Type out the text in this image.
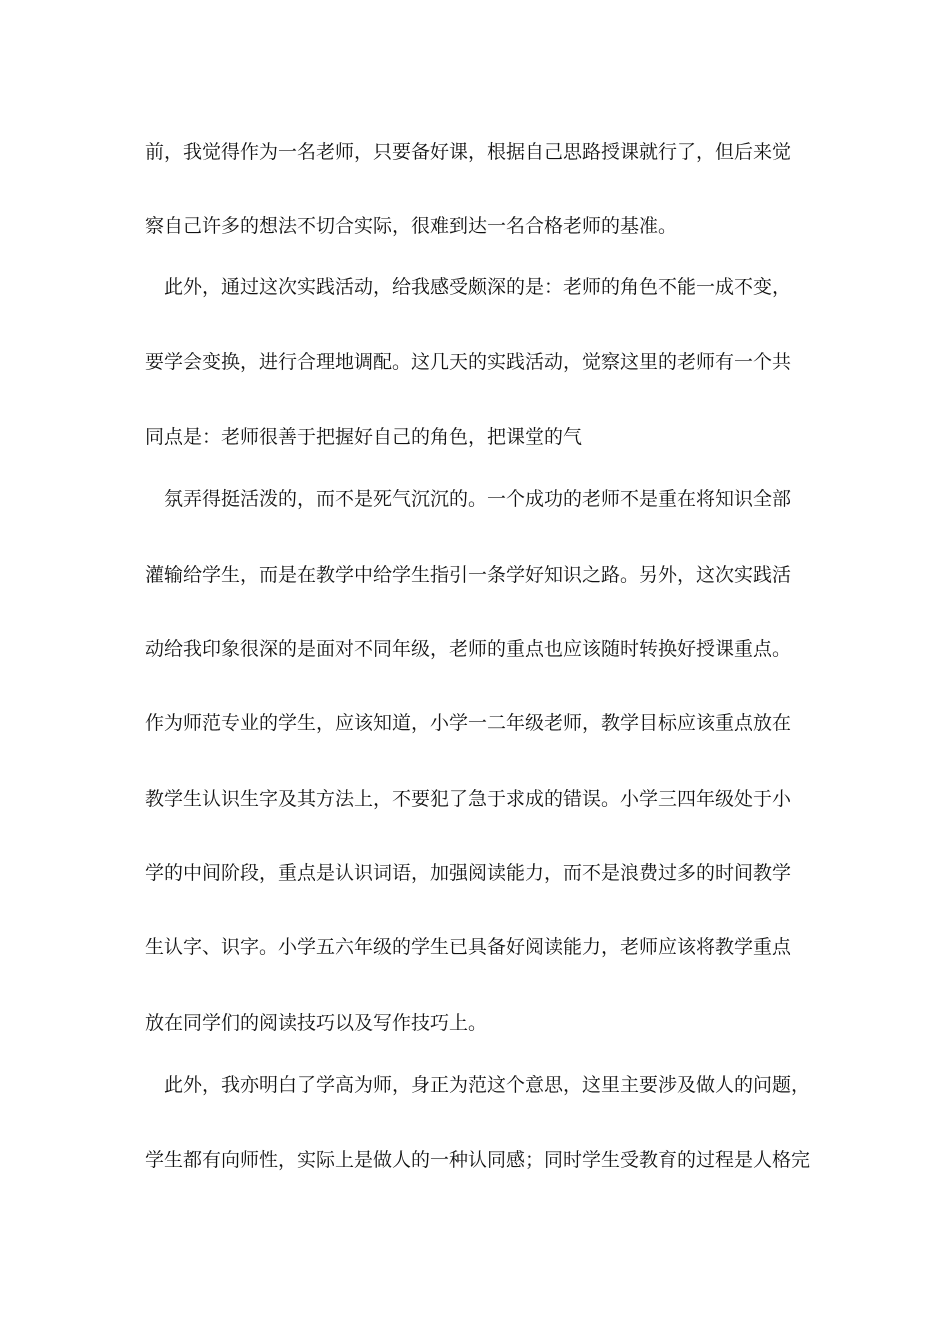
前，我觉得作为一名老师，只要备好课，根据自己思路授课就行了，但后来觉
察自己许多的想法不切合实际，很难到达一名合格老师的基准。
　此外，通过这次实践活动，给我感受颇深的是：老师的角色不能一成不变，
要学会变换，进行合理地调配。这几天的实践活动，觉察这里的老师有一个共
同点是：老师很善于把握好自己的角色，把课堂的气
　氛弄得挺活泼的，而不是死气沉沉的。一个成功的老师不是重在将知识全部
灌输给学生，而是在教学中给学生指引一条学好知识之路。另外，这次实践活
动给我印象很深的是面对不同年级，老师的重点也应该随时转换好授课重点。
作为师范专业的学生，应该知道，小学一二年级老师，教学目标应该重点放在
教学生认识生字及其方法上，不要犯了急于求成的错误。小学三四年级处于小
学的中间阶段，重点是认识词语，加强阅读能力，而不是浪费过多的时间教学
生认字、识字。小学五六年级的学生已具备好阅读能力，老师应该将教学重点
放在同学们的阅读技巧以及写作技巧上。
　此外，我亦明白了学高为师，身正为范这个意思，这里主要涉及做人的问题，
学生都有向师性，实际上是做人的一种认同感；同时学生受教育的过程是人格完
